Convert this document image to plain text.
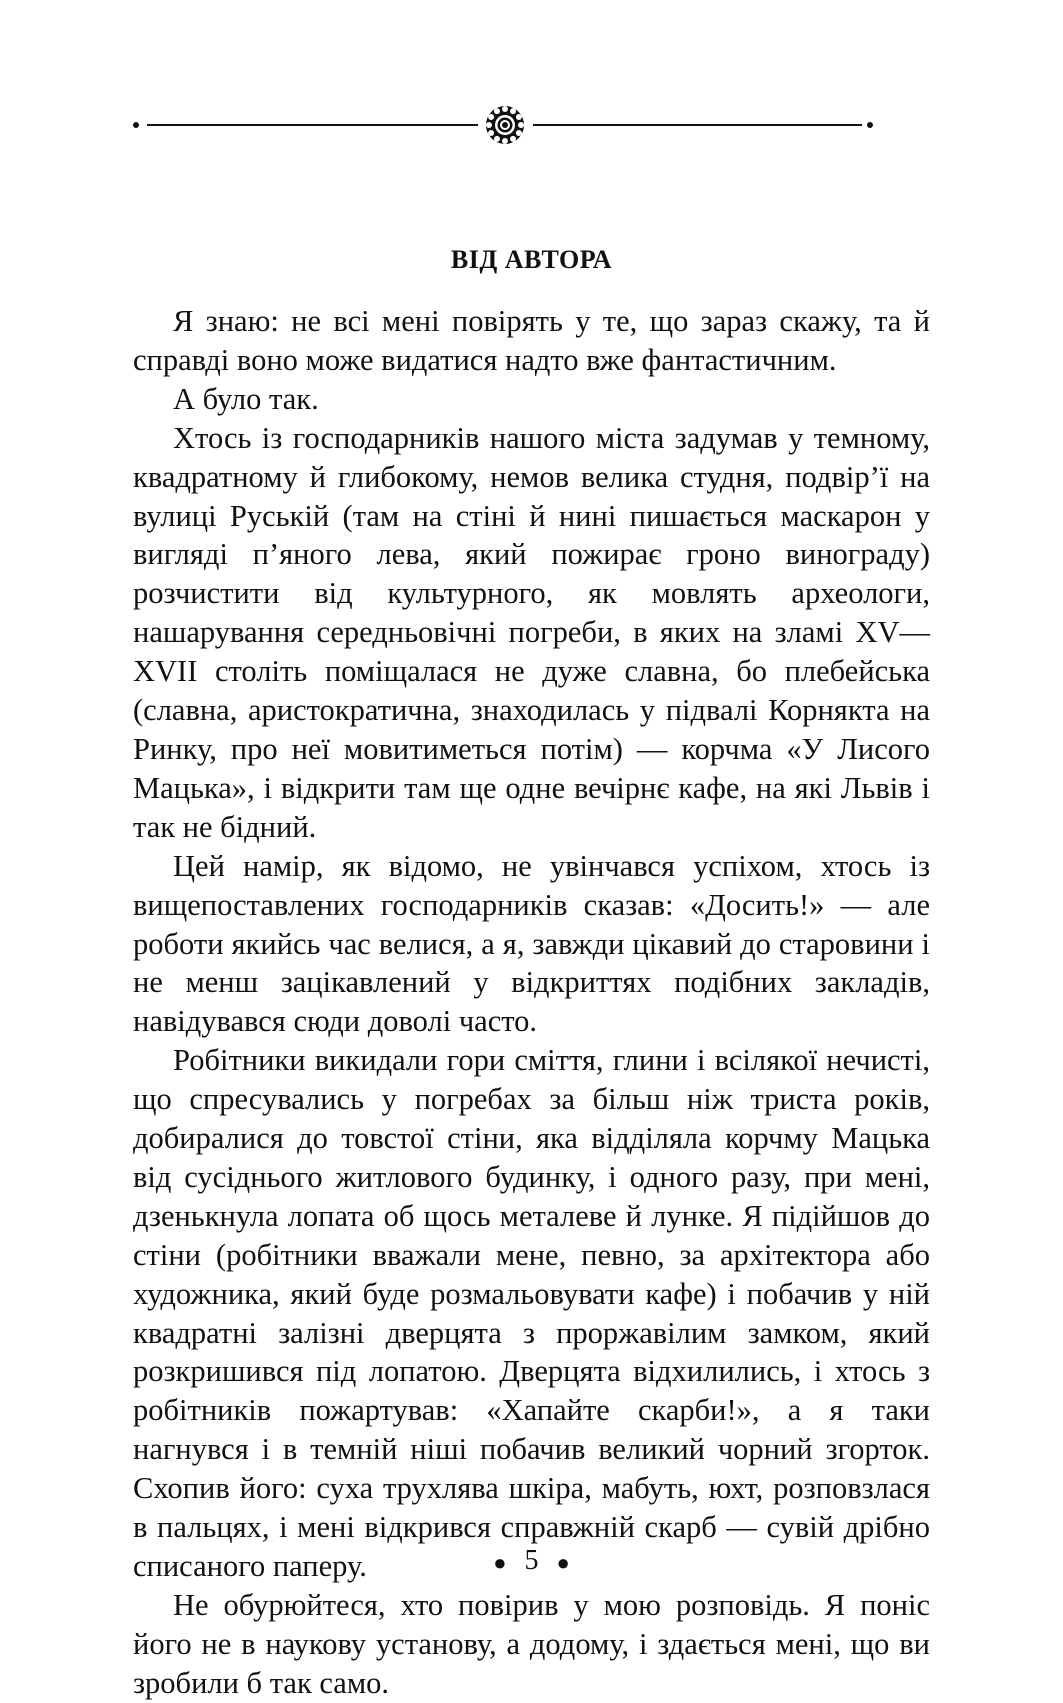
ВІД АВТОРА

Я знаю: не всі мені повірять у те, що зараз скажу, та й справді воно може видатися надто вже фантастичним.

А було так.

Хтось із господарників нашого міста задумав у темному, квадратному й глибокому, немов велика студня, подвір’ї на вулиці Руській (там на стіні й нині пишається маскарон у вигляді п’яного лева, який пожирає гроно винограду) розчистити від культурного, як мовлять археологи, нашарування середньовічні погреби, в яких на зламі XV—XVII століть поміщалася не дуже славна, бо плебейська (славна, аристократична, знаходилась у підвалі Корнякта на Ринку, про неї мовитиметься потім) — корчма «У Лисого Мацька», і відкрити там ще одне вечірнє кафе, на які Львів і так не бідний.

Цей намір, як відомо, не увінчався успіхом, хтось із вищепоставлених господарників сказав: «Досить!» — але роботи якийсь час велися, а я, завжди цікавий до старовини і не менш зацікавлений у відкриттях подібних закладів, навідувався сюди доволі часто.

Робітники викидали гори сміття, глини і всілякої нечисті, що спресувались у погребах за більш ніж триста років, добиралися до товстої стіни, яка відділяла корчму Мацька від сусіднього житлового будинку, і одного разу, при мені, дзенькнула лопата об щось металеве й лунке. Я підійшов до стіни (робітники вважали мене, певно, за архітектора або художника, який буде розмальовувати кафе) і побачив у ній квадратні залізні дверцята з проржавілим замком, який розкришився під лопатою. Дверцята відхилились, і хтось з робітників пожартував: «Хапайте скарби!», а я таки нагнувся і в темній ніші побачив великий чорний згорток. Схопив його: суха трухлява шкіра, мабуть, юхт, розповзлася в пальцях, і мені відкрився справжній скарб — сувій дрібно списаного паперу.

Не обурюйтеся, хто повірив у мою розповідь. Я поніс його не в наукову установу, а додому, і здається мені, що ви зробили б так само.

● 5 ●
